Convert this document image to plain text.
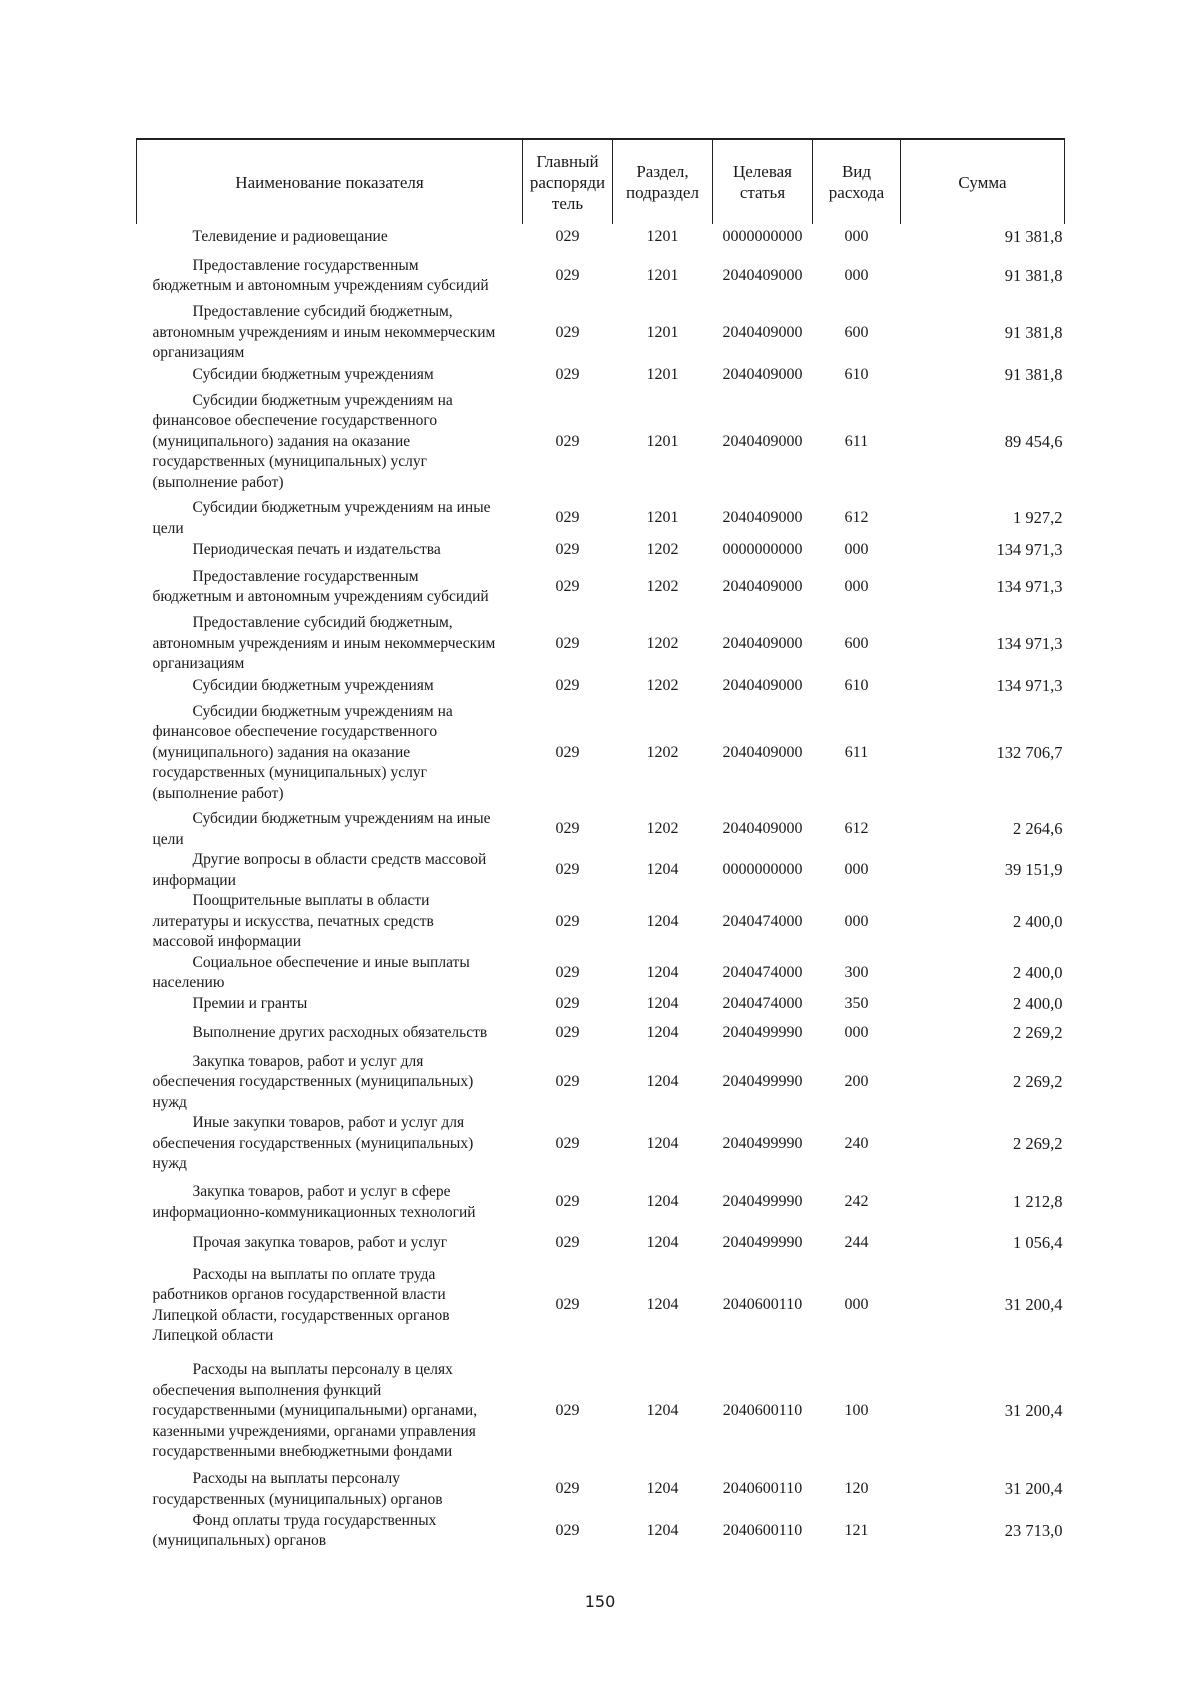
Наименование показателя	Главный распоряди тель	Раздел, подраздел	Целевая статья	Вид расхода	Сумма

Телевидение и радиовещание	029	1201	0000000000	000	91 381,8

Предоставление государственным бюджетным и автономным учреждениям субсидий	029	1201	2040409000	000	91 381,8

Предоставление субсидий бюджетным, автономным учреждениям и иным некоммерческим организациям	029	1201	2040409000	600	91 381,8

Субсидии бюджетным учреждениям	029	1201	2040409000	610	91 381,8

Субсидии бюджетным учреждениям на финансовое обеспечение государственного (муниципального) задания на оказание государственных (муниципальных) услуг (выполнение работ)	029	1201	2040409000	611	89 454,6

Субсидии бюджетным учреждениям на иные цели	029	1201	2040409000	612	1 927,2

Периодическая печать и издательства	029	1202	0000000000	000	134 971,3

Предоставление государственным бюджетным и автономным учреждениям субсидий	029	1202	2040409000	000	134 971,3

Предоставление субсидий бюджетным, автономным учреждениям и иным некоммерческим организациям	029	1202	2040409000	600	134 971,3

Субсидии бюджетным учреждениям	029	1202	2040409000	610	134 971,3

Субсидии бюджетным учреждениям на финансовое обеспечение государственного (муниципального) задания на оказание государственных (муниципальных) услуг (выполнение работ)	029	1202	2040409000	611	132 706,7

Субсидии бюджетным учреждениям на иные цели	029	1202	2040409000	612	2 264,6

Другие вопросы в области средств массовой информации	029	1204	0000000000	000	39 151,9

Поощрительные выплаты в области литературы и искусства, печатных средств массовой информации	029	1204	2040474000	000	2 400,0

Социальное обеспечение и иные выплаты населению	029	1204	2040474000	300	2 400,0

Премии и гранты	029	1204	2040474000	350	2 400,0

Выполнение других расходных обязательств	029	1204	2040499990	000	2 269,2

Закупка товаров, работ и услуг для обеспечения государственных (муниципальных) нужд	029	1204	2040499990	200	2 269,2

Иные закупки товаров, работ и услуг для обеспечения государственных (муниципальных) нужд	029	1204	2040499990	240	2 269,2

Закупка товаров, работ и услуг в сфере информационно-коммуникационных технологий	029	1204	2040499990	242	1 212,8

Прочая закупка товаров, работ и услуг	029	1204	2040499990	244	1 056,4

Расходы на выплаты по оплате труда работников органов государственной власти Липецкой области, государственных органов Липецкой области	029	1204	2040600110	000	31 200,4

Расходы на выплаты персоналу в целях обеспечения выполнения функций государственными (муниципальными) органами, казенными учреждениями, органами управления государственными внебюджетными фондами	029	1204	2040600110	100	31 200,4

Расходы на выплаты персоналу государственных (муниципальных) органов	029	1204	2040600110	120	31 200,4

Фонд оплаты труда государственных (муниципальных) органов	029	1204	2040600110	121	23 713,0
150
